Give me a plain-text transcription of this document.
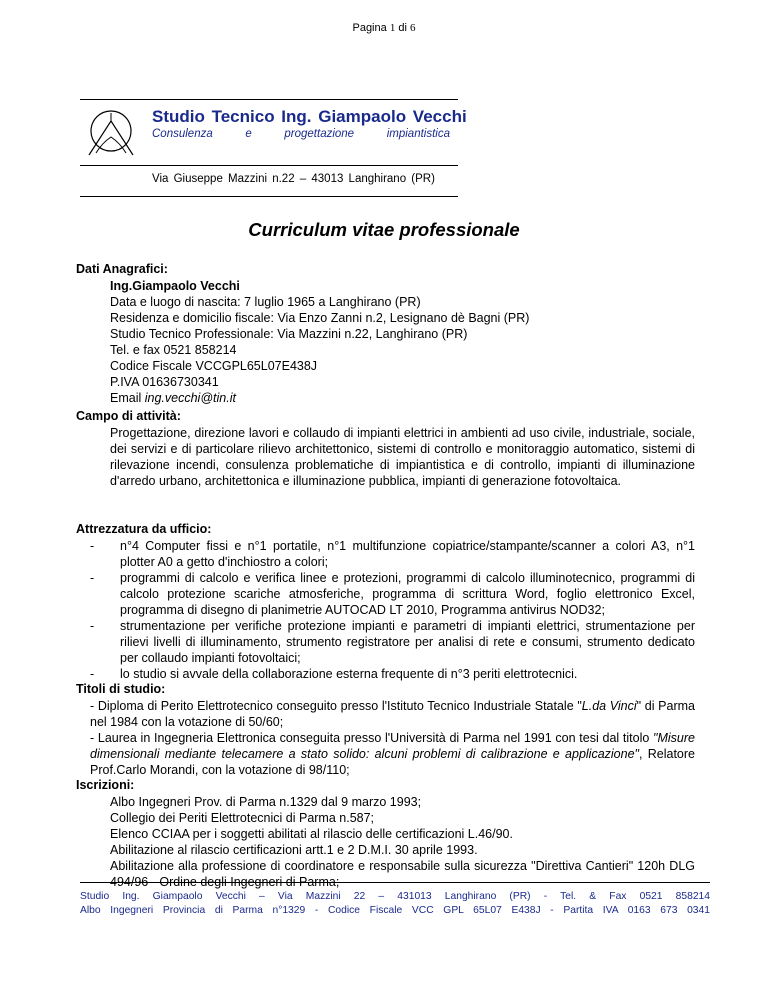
Pagina 1 di 6
Studio Tecnico Ing. Giampaolo Vecchi
Consulenza	e	progettazione	impiantistica
Via Giuseppe Mazzini n.22 – 43013 Langhirano (PR)
Curriculum vitae professionale
Dati Anagrafici:
Ing.Giampaolo Vecchi
Data e luogo di nascita: 7 luglio 1965 a Langhirano (PR)
Residenza e domicilio fiscale: Via Enzo Zanni n.2, Lesignano dè Bagni (PR)
Studio Tecnico Professionale: Via Mazzini n.22, Langhirano (PR)
Tel. e fax 0521 858214
Codice Fiscale VCCGPL65L07E438J
P.IVA 01636730341
Email ing.vecchi@tin.it
Campo di attività:
Progettazione, direzione lavori e collaudo di impianti elettrici in ambienti ad uso civile, industriale, sociale, dei servizi e di particolare rilievo architettonico, sistemi di controllo e monitoraggio automatico, sistemi di rilevazione incendi, consulenza problematiche di impiantistica e di controllo, impianti di illuminazione d'arredo urbano, architettonica e illuminazione pubblica, impianti di generazione fotovoltaica.
Attrezzatura da ufficio:
-	n°4 Computer fissi e n°1 portatile, n°1 multifunzione copiatrice/stampante/scanner a colori A3, n°1 plotter A0 a getto d'inchiostro a colori;
-	programmi di calcolo e verifica linee e protezioni, programmi di calcolo illuminotecnico, programmi di calcolo protezione scariche atmosferiche, programma di scrittura Word, foglio elettronico Excel, programma di disegno di planimetrie AUTOCAD LT 2010, Programma antivirus NOD32;
-	strumentazione per verifiche protezione impianti e parametri di impianti elettrici, strumentazione per rilievi livelli di illuminamento, strumento registratore per analisi di rete e consumi, strumento dedicato per collaudo impianti fotovoltaici;
-	lo studio si avvale della collaborazione esterna frequente di n°3 periti elettrotecnici.
Titoli di studio:
- Diploma di Perito Elettrotecnico conseguito presso l'Istituto Tecnico Industriale Statale "L.da Vinci" di Parma nel 1984 con la votazione di 50/60;
- Laurea in Ingegneria Elettronica conseguita presso l'Università di Parma nel 1991 con tesi dal titolo "Misure dimensionali mediante telecamere a stato solido: alcuni problemi di calibrazione e applicazione", Relatore Prof.Carlo Morandi, con la votazione di 98/110;
Iscrizioni:
Albo Ingegneri Prov. di Parma n.1329 dal 9 marzo 1993;
Collegio dei Periti Elettrotecnici di Parma n.587;
Elenco CCIAA per i soggetti abilitati al rilascio delle certificazioni L.46/90.
Abilitazione al rilascio certificazioni artt.1 e 2 D.M.I. 30 aprile 1993.
Abilitazione alla professione di coordinatore e responsabile sulla sicurezza "Direttiva Cantieri" 120h DLG 494/96 - Ordine degli Ingegneri di Parma;
Studio Ing. Giampaolo Vecchi – Via Mazzini 22 – 431013 Langhirano (PR) - Tel. & Fax 0521 858214
Albo Ingegneri Provincia di Parma n°1329 - Codice Fiscale VCC GPL 65L07 E438J - Partita IVA 0163 673 0341
